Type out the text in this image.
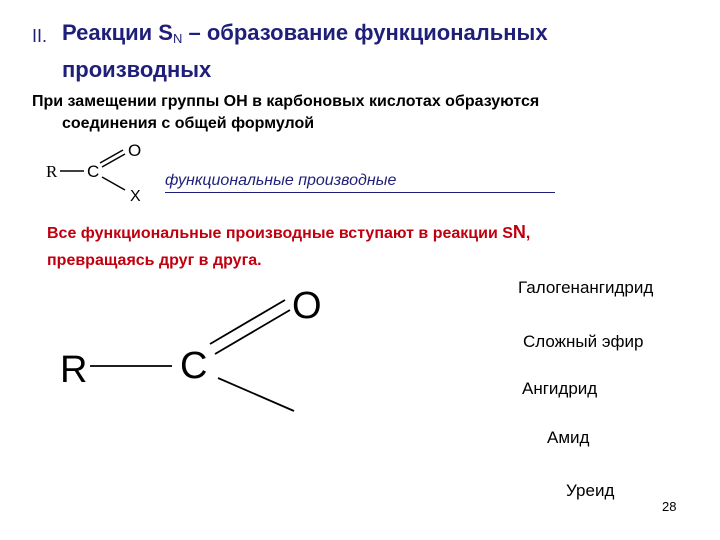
II. Реакции $S_N$ – образование функциональных
производных
При замещении группы ОН в карбоновых кислотах образуются
соединения с общей формулой
R C
O
X
функциональные производные
Все функциональные производные вступают в реакции SN,
превращаясь друг в друга.
R C
O	Галогенангидрид
Сложный эфир
Ангидрид
Амид
Уреид
28
